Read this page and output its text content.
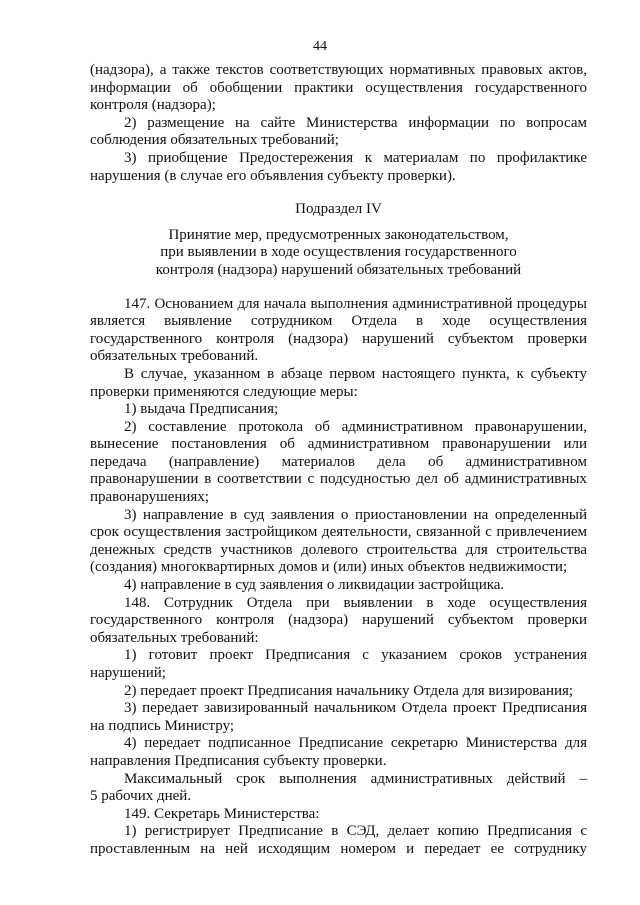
44

(надзора), а также текстов соответствующих нормативных правовых актов,

информации об обобщении практики осуществления государственного

контроля (надзора);

2) размещение на сайте Министерства информации по вопросам

соблюдения обязательных требований;

3) приобщение Предостережения к материалам по профилактике

нарушения (в случае его объявления субъекту проверки).

Подраздел IV

Принятие мер, предусмотренных законодательством,

при выявлении в ходе осуществления государственного

контроля (надзора) нарушений обязательных требований

147. Основанием для начала выполнения административной процедуры

является выявление сотрудником Отдела в ходе осуществления

государственного контроля (надзора) нарушений субъектом проверки

обязательных требований.

В случае, указанном в абзаце первом настоящего пункта, к субъекту

проверки применяются следующие меры:

1) выдача Предписания;

2) составление протокола об административном правонарушении,

вынесение постановления об административном правонарушении или

передача (направление) материалов дела об административном

правонарушении в соответствии с подсудностью дел об административных

правонарушениях;

3) направление в суд заявления о приостановлении на определенный

срок осуществления застройщиком деятельности, связанной с привлечением

денежных средств участников долевого строительства для строительства

(создания) многоквартирных домов и (или) иных объектов недвижимости;

4) направление в суд заявления о ликвидации застройщика.

148. Сотрудник Отдела при выявлении в ходе осуществления

государственного контроля (надзора) нарушений субъектом проверки

обязательных требований:

1) готовит проект Предписания с указанием сроков устранения

нарушений;

2) передает проект Предписания начальнику Отдела для визирования;

3) передает завизированный начальником Отдела проект Предписания

на подпись Министру;

4) передает подписанное Предписание секретарю Министерства для

направления Предписания субъекту проверки.

Максимальный срок выполнения административных действий –

5 рабочих дней.

149. Секретарь Министерства:

1) регистрирует Предписание в СЭД, делает копию Предписания с

проставленным на ней исходящим номером и передает ее сотруднику
